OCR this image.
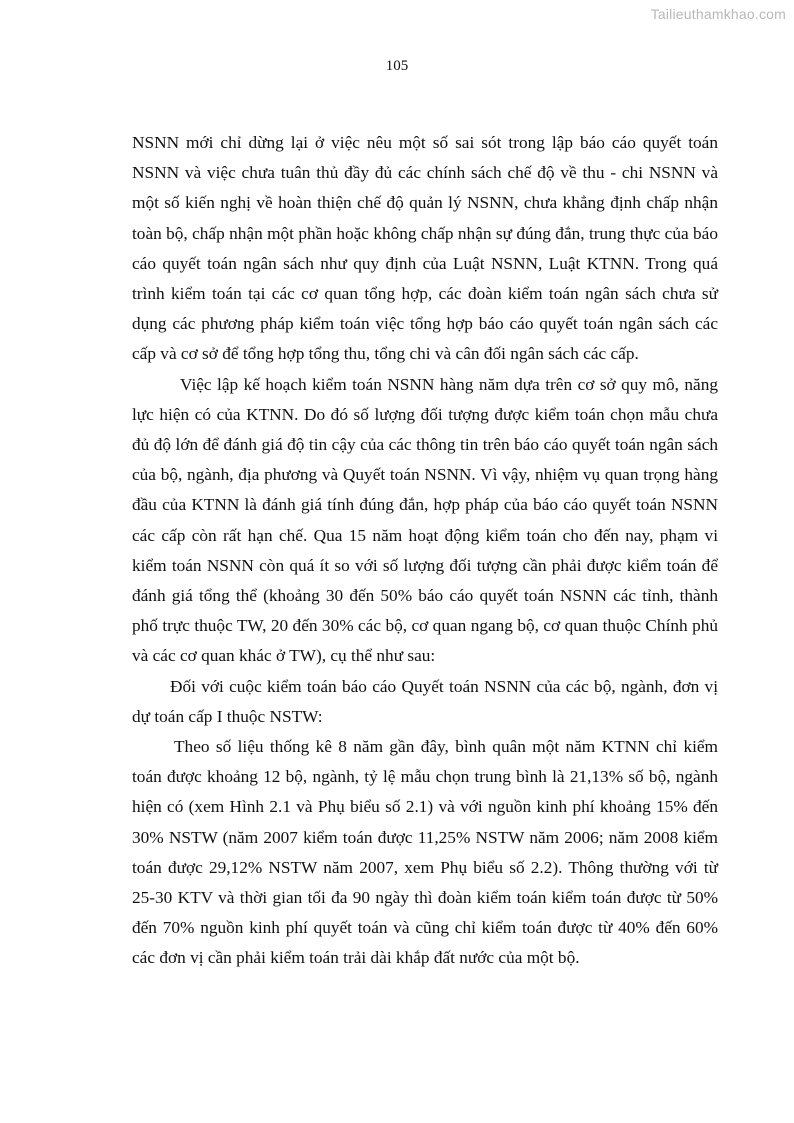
Tailieuthamkhao.com
105

NSNN mới chỉ dừng lại ở việc nêu một số sai sót trong lập báo cáo quyết toán NSNN và việc chưa tuân thủ đầy đủ các chính sách chế độ về thu - chi NSNN và một số kiến nghị về hoàn thiện chế độ quản lý NSNN, chưa khẳng định chấp nhận toàn bộ, chấp nhận một phần hoặc không chấp nhận sự đúng đắn, trung thực của báo cáo quyết toán ngân sách như quy định của Luật NSNN, Luật KTNN. Trong quá trình kiểm toán tại các cơ quan tổng hợp, các đoàn kiểm toán ngân sách chưa sử dụng các phương pháp kiểm toán việc tổng hợp báo cáo quyết toán ngân sách các cấp và cơ sở để tổng hợp tổng thu, tổng chi và cân đối ngân sách các cấp.

Việc lập kế hoạch kiểm toán NSNN hàng năm dựa trên cơ sở quy mô, năng lực hiện có của KTNN. Do đó số lượng đối tượng được kiểm toán chọn mẫu chưa đủ độ lớn để đánh giá độ tin cậy của các thông tin trên báo cáo quyết toán ngân sách của bộ, ngành, địa phương và Quyết toán NSNN. Vì vậy, nhiệm vụ quan trọng hàng đầu của KTNN là đánh giá tính đúng đắn, hợp pháp của báo cáo quyết toán NSNN các cấp còn rất hạn chế. Qua 15 năm hoạt động kiểm toán cho đến nay, phạm vi kiểm toán NSNN còn quá ít so với số lượng đối tượng cần phải được kiểm toán để đánh giá tổng thể (khoảng 30 đến 50% báo cáo quyết toán NSNN các tỉnh, thành phố trực thuộc TW, 20 đến 30% các bộ, cơ quan ngang bộ, cơ quan thuộc Chính phủ và các cơ quan khác ở TW), cụ thể như sau:

Đối với cuộc kiểm toán báo cáo Quyết toán NSNN của các bộ, ngành, đơn vị dự toán cấp I thuộc NSTW:

Theo số liệu thống kê 8 năm gần đây, bình quân một năm KTNN chỉ kiểm toán được khoảng 12 bộ, ngành, tỷ lệ mẫu chọn trung bình là 21,13% số bộ, ngành hiện có (xem Hình 2.1 và Phụ biểu số 2.1) và với nguồn kinh phí khoảng 15% đến 30% NSTW (năm 2007 kiểm toán được 11,25% NSTW năm 2006; năm 2008 kiểm toán được 29,12% NSTW năm 2007, xem Phụ biểu số 2.2). Thông thường với từ 25-30 KTV và thời gian tối đa 90 ngày thì đoàn kiểm toán kiểm toán được từ 50% đến 70% nguồn kinh phí quyết toán và cũng chỉ kiểm toán được từ 40% đến 60% các đơn vị cần phải kiểm toán trải dài khắp đất nước của một bộ.
